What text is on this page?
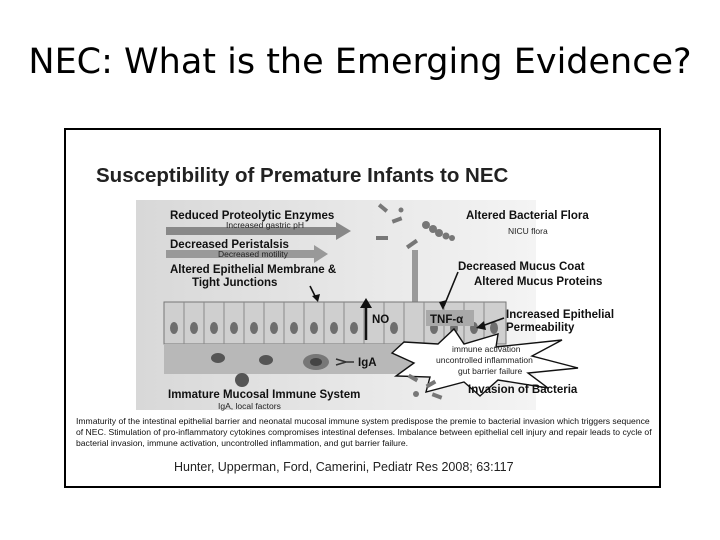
NEC: What is the Emerging Evidence?
Susceptibility of Premature Infants to NEC
NO	TNF-α
immune activation
uncontrolled inflammation
gut barrier failure
Reduced Proteolytic Enzymes
Increased gastric pH
Decreased Peristalsis
Decreased motility
Altered Epithelial Membrane &
Tight Junctions
IgA
Immature Mucosal Immune System
IgA, local factors
Altered Bacterial Flora
NICU flora
Decreased Mucus Coat
Altered Mucus Proteins
Increased Epithelial
Permeability
Invasion of Bacteria
Immaturity of the intestinal epithelial barrier and neonatal mucosal immune system predispose the premie to bacterial invasion which triggers sequence of NEC. Stimulation of pro-inflammatory cytokines compromises intestinal defenses. Imbalance between epithelial cell injury and repair leads to cycle of bacterial invasion, immune activation, uncontrolled inflammation, and gut barrier failure.
Hunter, Upperman, Ford, Camerini, Pediatr Res 2008; 63:117
